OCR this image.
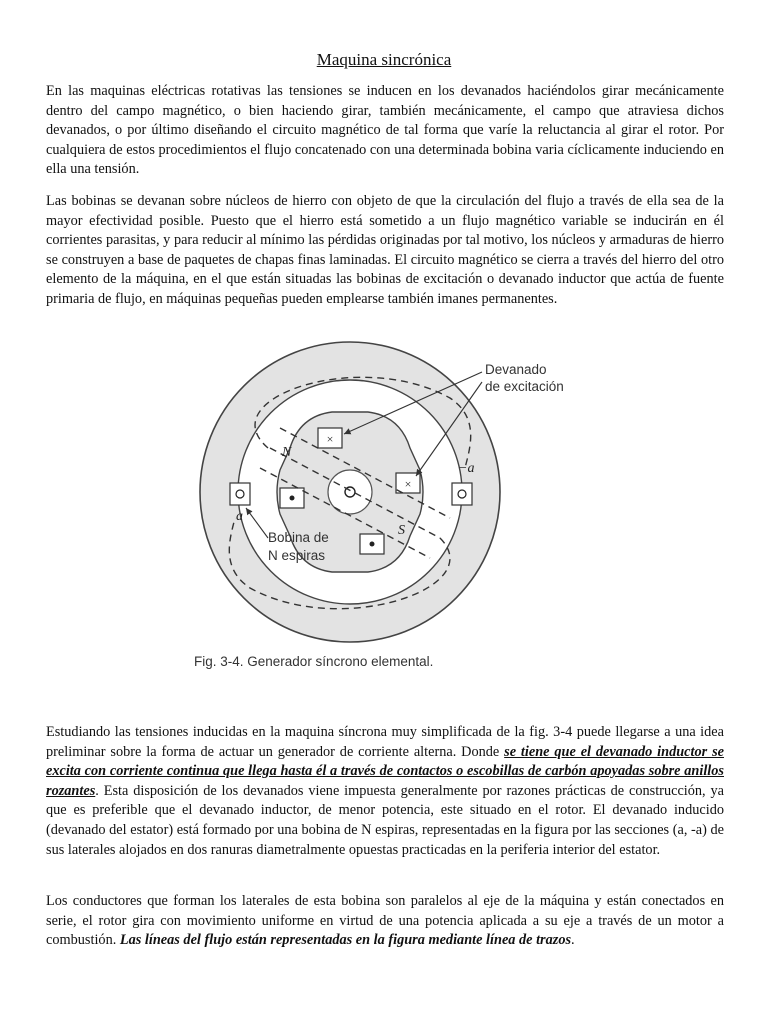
Maquina sincrónica

En las maquinas eléctricas rotativas las tensiones se inducen en los devanados haciéndolos girar mecánicamente dentro del campo magnético, o bien haciendo girar, también mecánicamente, el campo que atraviesa dichos devanados, o por último diseñando el circuito magnético de tal forma que varíe la reluctancia al girar el rotor. Por cualquiera de estos procedimientos el flujo concatenado con una determinada bobina varia cíclicamente induciendo en ella una tensión.

Las bobinas se devanan sobre núcleos de hierro con objeto de que la circulación del flujo a través de ella sea de la mayor efectividad posible. Puesto que el hierro está sometido a un flujo magnético variable se inducirán en él corrientes parasitas, y para reducir al mínimo las pérdidas originadas por tal motivo, los núcleos y armaduras de hierro se construyen a base de paquetes de chapas finas laminadas. El circuito magnético se cierra a través del hierro del otro elemento de la máquina, en el que están situadas las bobinas de excitación o devanado inductor que actúa de fuente primaria de flujo, en máquinas pequeñas pueden emplearse también imanes permanentes.

×
×
N
S
a
−a
Devanado
de excitación
Bobina de
N espiras
Fig. 3-4. Generador síncrono elemental.

Estudiando las tensiones inducidas en la maquina síncrona muy simplificada de la fig. 3-4 puede llegarse a una idea preliminar sobre la forma de actuar un generador de corriente alterna. Donde se tiene que el devanado inductor se excita con corriente continua que llega hasta él a través de contactos o escobillas de carbón apoyadas sobre anillos rozantes. Esta disposición de los devanados viene impuesta generalmente por razones prácticas de construcción, ya que es preferible que el devanado inductor, de menor potencia, este situado en el rotor. El devanado inducido (devanado del estator) está formado por una bobina de N espiras, representadas en la figura por las secciones (a, -a) de sus laterales alojados en dos ranuras diametralmente opuestas practicadas en la periferia interior del estator.

Los conductores que forman los laterales de esta bobina son paralelos al eje de la máquina y están conectados en serie, el rotor gira con movimiento uniforme en virtud de una potencia aplicada a su eje a través de un motor a combustión. Las líneas del flujo están representadas en la figura mediante línea de trazos.
